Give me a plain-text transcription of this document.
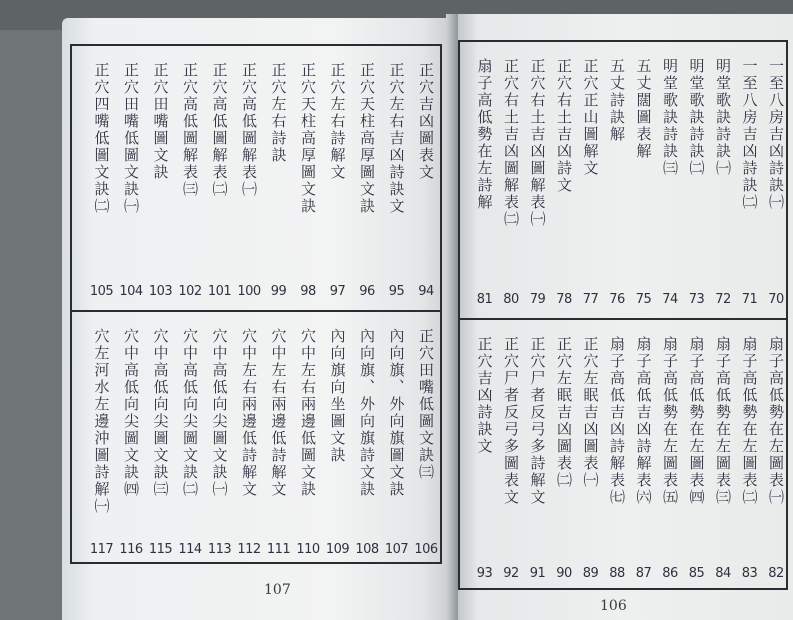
正穴吉凶圖表文
94
正穴左右吉凶詩訣文
95
正穴天柱高厚圖文訣
96
正穴左右詩解文
97
正穴天柱高厚圖文訣
98
正穴左右詩訣
99
正穴高低圖解表㈠
100
正穴高低圖解表㈡
101
正穴高低圖解表㈢
102
正穴田嘴圖文訣
103
正穴田嘴低圖文訣㈠
104
正穴四嘴低圖文訣㈡
105
正穴田嘴低圖文訣㈢
106
內向旗、外向旗圖文訣
107
內向旗、外向旗詩文訣
108
內向旗向坐圖文訣
109
穴中左右兩邊低圖文訣
110
穴中左右兩邊低詩解文
111
穴中左右兩邊低詩解文
112
穴中高低向尖圖文訣㈠
113
穴中高低向尖圖文訣㈡
114
穴中高低向尖圖文訣㈢
115
穴中高低向尖圖文訣㈣
116
穴左河水左邊沖圖詩解㈠
117
一至八房吉凶詩訣㈠
70
一至八房吉凶詩訣㈡
71
明堂歌訣詩訣㈠
72
明堂歌訣詩訣㈡
73
明堂歌訣詩訣㈢
74
五丈闊圖表解
75
五丈詩訣解
76
正穴正山圖解文
77
正穴右土吉凶詩文
78
正穴右土吉凶圖解表㈠
79
正穴右土吉凶圖解表㈡
80
扇子高低勢在左詩解
81
扇子高低勢在左圖表㈠
82
扇子高低勢在左圖表㈡
83
扇子高低勢在左圖表㈢
84
扇子高低勢在左圖表㈣
85
扇子高低勢在左圖表㈤
86
扇子高低吉凶詩解表㈥
87
扇子高低吉凶詩解表㈦
88
正穴左眠吉凶圖表㈠
89
正穴左眠吉凶圖表㈡
90
正穴尸者反弓多詩解文
91
正穴尸者反弓多圖表文
92
正穴吉凶詩訣文
93
107
106
